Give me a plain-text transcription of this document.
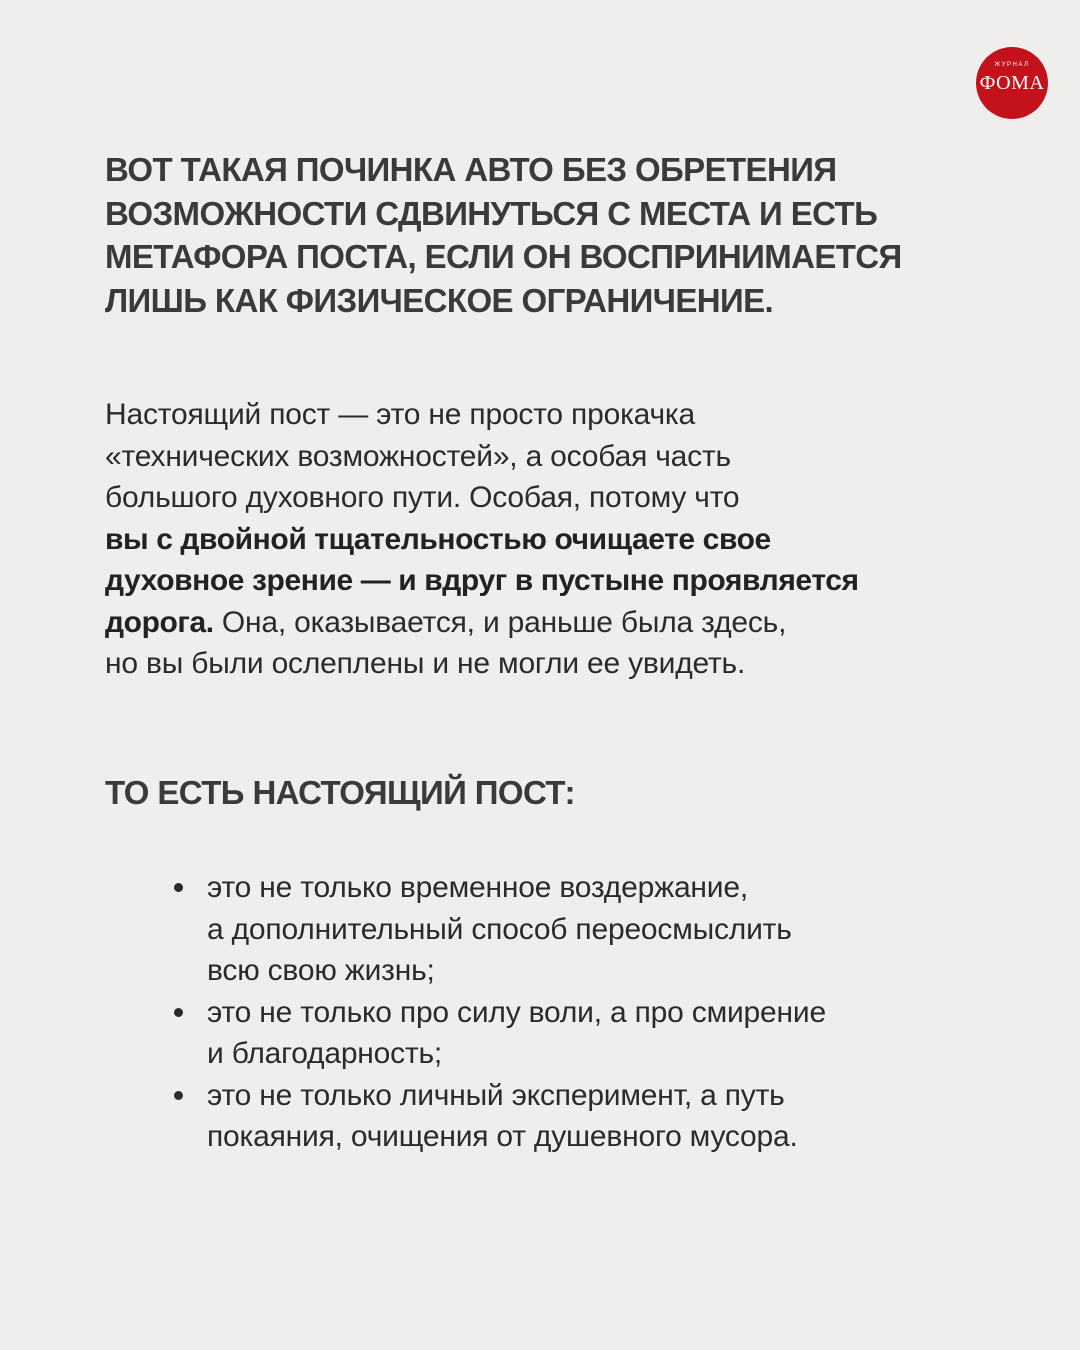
ЖУРНАЛ
ФОМА
ВОТ ТАКАЯ ПОЧИНКА АВТО БЕЗ ОБРЕТЕНИЯ
ВОЗМОЖНОСТИ СДВИНУТЬСЯ С МЕСТА И ЕСТЬ
МЕТАФОРА ПОСТА, ЕСЛИ ОН ВОСПРИНИМАЕТСЯ
ЛИШЬ КАК ФИЗИЧЕСКОЕ ОГРАНИЧЕНИЕ.

Настоящий пост — это не просто прокачка
«технических возможностей», а особая часть
большого духовного пути. Особая, потому что
вы с двойной тщательностью очищаете свое
духовное зрение — и вдруг в пустыне проявляется
дорога. Она, оказывается, и раньше была здесь,
но вы были ослеплены и не могли ее увидеть.

ТО ЕСТЬ НАСТОЯЩИЙ ПОСТ:
это не только временное воздержание,
а дополнительный способ переосмыслить
всю свою жизнь;
это не только про силу воли, а про смирение
и благодарность;
это не только личный эксперимент, а путь
покаяния, очищения от душевного мусора.
